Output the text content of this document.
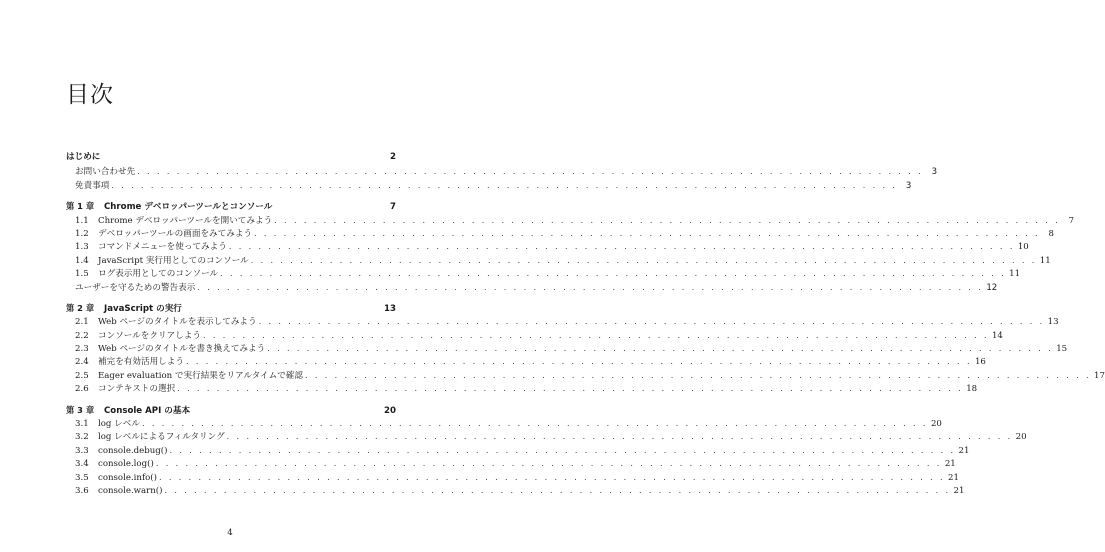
目次
はじめに	2
お問い合わせ先 . . . . . . . . . . . . . . . . . . . . . . . . . . . . . . . . . . . . . . . . . . . . . . . . . . . . . . . . . . . . . . . . . . . . . . . . . . . . . . . . 3
免責事項 . . . . . . . . . . . . . . . . . . . . . . . . . . . . . . . . . . . . . . . . . . . . . . . . . . . . . . . . . . . . . . . . . . . . . . . . . . . . . . . . 3
第 1 章	Chrome デベロッパーツールとコンソール	7
1.1	Chrome デベロッパーツールを開いてみよう . . . . . . . . . . . . . . . . . . . . . . . . . . . . . . . . . . . . . . . . . . . . . . . . . . . . . . . . . . . . . . . . . . . . . . . . . . . . . . . . 7
1.2	デベロッパーツールの画面をみてみよう . . . . . . . . . . . . . . . . . . . . . . . . . . . . . . . . . . . . . . . . . . . . . . . . . . . . . . . . . . . . . . . . . . . . . . . . . . . . . . . . 8
1.3	コマンドメニューを使ってみよう . . . . . . . . . . . . . . . . . . . . . . . . . . . . . . . . . . . . . . . . . . . . . . . . . . . . . . . . . . . . . . . . . . . . . . . . . . . . . . . . 10
1.4	JavaScript 実行用としてのコンソール . . . . . . . . . . . . . . . . . . . . . . . . . . . . . . . . . . . . . . . . . . . . . . . . . . . . . . . . . . . . . . . . . . . . . . . . . . . . . . . . 11
1.5	ログ表示用としてのコンソール . . . . . . . . . . . . . . . . . . . . . . . . . . . . . . . . . . . . . . . . . . . . . . . . . . . . . . . . . . . . . . . . . . . . . . . . . . . . . . . . 11
ユーザーを守るための警告表示 . . . . . . . . . . . . . . . . . . . . . . . . . . . . . . . . . . . . . . . . . . . . . . . . . . . . . . . . . . . . . . . . . . . . . . . . . . . . . . . . 12
第 2 章	JavaScript の実行	13
2.1	Web ページのタイトルを表示してみよう . . . . . . . . . . . . . . . . . . . . . . . . . . . . . . . . . . . . . . . . . . . . . . . . . . . . . . . . . . . . . . . . . . . . . . . . . . . . . . . . 13
2.2	コンソールをクリアしよう . . . . . . . . . . . . . . . . . . . . . . . . . . . . . . . . . . . . . . . . . . . . . . . . . . . . . . . . . . . . . . . . . . . . . . . . . . . . . . . . 14
2.3	Web ページのタイトルを書き換えてみよう . . . . . . . . . . . . . . . . . . . . . . . . . . . . . . . . . . . . . . . . . . . . . . . . . . . . . . . . . . . . . . . . . . . . . . . . . . . . . . . . 15
2.4	補完を有効活用しよう . . . . . . . . . . . . . . . . . . . . . . . . . . . . . . . . . . . . . . . . . . . . . . . . . . . . . . . . . . . . . . . . . . . . . . . . . . . . . . . . 16
2.5	Eager evaluation で実行結果をリアルタイムで確認 . . . . . . . . . . . . . . . . . . . . . . . . . . . . . . . . . . . . . . . . . . . . . . . . . . . . . . . . . . . . . . . . . . . . . . . . . . . . . . . . 17
2.6	コンテキストの選択 . . . . . . . . . . . . . . . . . . . . . . . . . . . . . . . . . . . . . . . . . . . . . . . . . . . . . . . . . . . . . . . . . . . . . . . . . . . . . . . . 18
第 3 章	Console API の基本	20
3.1	log レベル . . . . . . . . . . . . . . . . . . . . . . . . . . . . . . . . . . . . . . . . . . . . . . . . . . . . . . . . . . . . . . . . . . . . . . . . . . . . . . . . 20
3.2	log レベルによるフィルタリング . . . . . . . . . . . . . . . . . . . . . . . . . . . . . . . . . . . . . . . . . . . . . . . . . . . . . . . . . . . . . . . . . . . . . . . . . . . . . . . . 20
3.3	console.debug() . . . . . . . . . . . . . . . . . . . . . . . . . . . . . . . . . . . . . . . . . . . . . . . . . . . . . . . . . . . . . . . . . . . . . . . . . . . . . . . . 21
3.4	console.log() . . . . . . . . . . . . . . . . . . . . . . . . . . . . . . . . . . . . . . . . . . . . . . . . . . . . . . . . . . . . . . . . . . . . . . . . . . . . . . . . 21
3.5	console.info() . . . . . . . . . . . . . . . . . . . . . . . . . . . . . . . . . . . . . . . . . . . . . . . . . . . . . . . . . . . . . . . . . . . . . . . . . . . . . . . . 21
3.6	console.warn() . . . . . . . . . . . . . . . . . . . . . . . . . . . . . . . . . . . . . . . . . . . . . . . . . . . . . . . . . . . . . . . . . . . . . . . . . . . . . . . . 21
4
